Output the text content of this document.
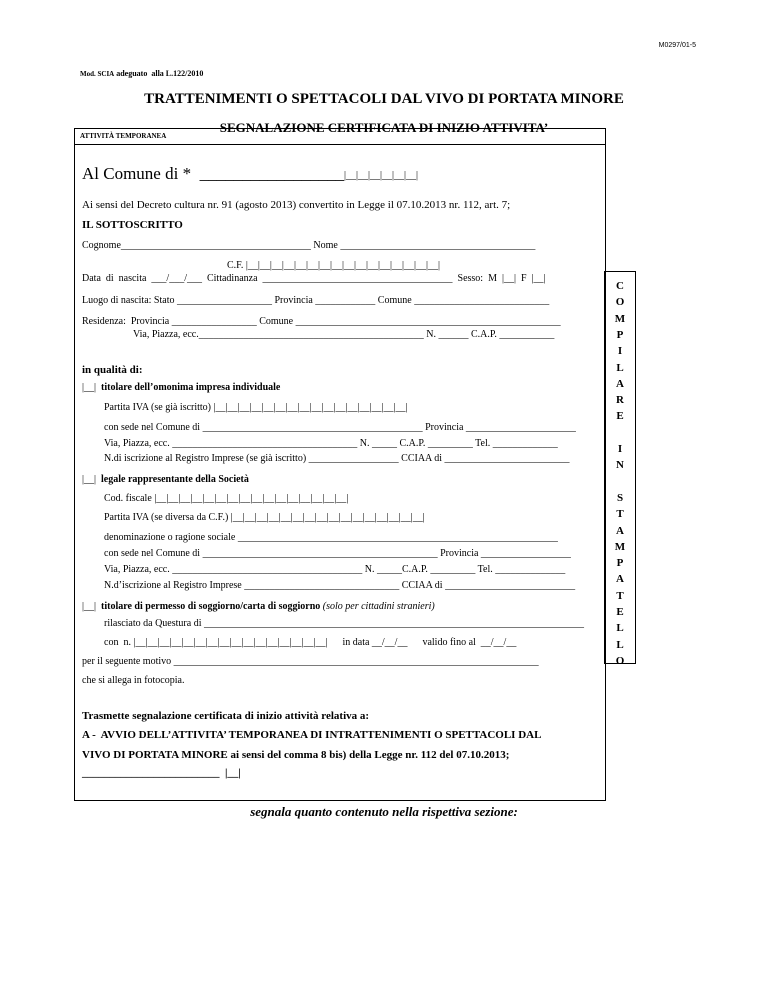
M0297/01-5
Mod. SCIA adeguato  alla L.122/2010
TRATTENIMENTI O SPETTACOLI DAL VIVO DI PORTATA MINORE
SEGNALAZIONE CERTIFICATA DI INIZIO ATTIVITA’
ATTIVITÀ TEMPORANEA

C
O
M
P
I
L
A
R
E
I
N
S
T
A
M
P
A
T
E
L
L
O

Al Comune di *  _________________ |__|__|__|__|__|__|
Ai sensi del Decreto cultura nr. 91 (agosto 2013) convertito in Legge il 07.10.2013 nr. 112, art. 7;
IL SOTTOSCRITTO
Cognome______________________________________ Nome _______________________________________
C.F. |__|__|__|__|__|__|__|__|__|__|__|__|__|__|__|__|
Data  di  nascita  ___/___/___  Cittadinanza  ______________________________________  Sesso:  M  |__|  F  |__|
Luogo di nascita: Stato ___________________ Provincia ____________ Comune ___________________________
Residenza:  Provincia _________________ Comune _____________________________________________________
Via, Piazza, ecc._____________________________________________ N. ______ C.A.P. ___________
in qualità di:
|__| titolare dell’omonima impresa individuale
Partita IVA (se già iscritto) |__|__|__|__|__|__|__|__|__|__|__|__|__|__|__|__|
con sede nel Comune di ____________________________________________ Provincia ______________________
Via, Piazza, ecc. _____________________________________ N. _____ C.A.P. _________ Tel. _____________
N.di iscrizione al Registro Imprese (se già iscritto) __________________ CCIAA di _________________________
|__| legale rappresentante della Società
Cod. fiscale |__|__|__|__|__|__|__|__|__|__|__|__|__|__|__|__|
Partita IVA (se diversa da C.F.) |__|__|__|__|__|__|__|__|__|__|__|__|__|__|__|__|
denominazione o ragione sociale ________________________________________________________________
con sede nel Comune di _______________________________________________ Provincia __________________
Via, Piazza, ecc. ______________________________________ N. _____C.A.P. _________ Tel. ______________
N.d’iscrizione al Registro Imprese _______________________________ CCIAA di __________________________
|__| titolare di permesso di soggiorno/carta di soggiorno (solo per cittadini stranieri)
rilasciato da Questura di ____________________________________________________________________________
con  n. |__|__|__|__|__|__|__|__|__|__|__|__|__|__|__|__|      in data __/__/__      valido fino al  __/__/__
per il seguente motivo _________________________________________________________________________
che si allega in fotocopia.
Trasmette segnalazione certificata di inizio attività relativa a:
A -  AVVIO DELL’ATTIVITA’ TEMPORANEA DI INTRATTENIMENTI O SPETTACOLI DAL
VIVO DI PORTATA MINORE ai sensi del comma 8 bis) della Legge nr. 112 del 07.10.2013;
_________________________  |__|
segnala quanto contenuto nella rispettiva sezione:
